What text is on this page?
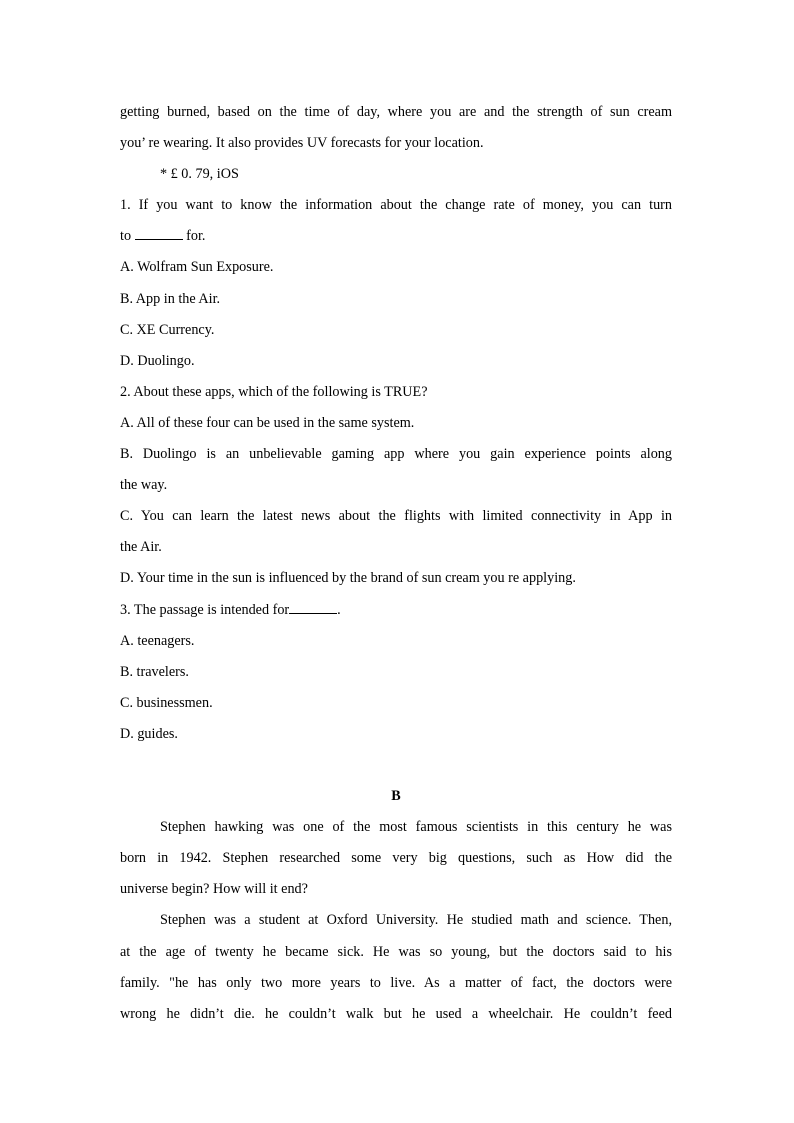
getting burned, based on the time of day, where you are and the strength of sun cream

you’ re wearing. It also provides UV forecasts for your location.

* £ 0. 79, iOS

1. If you want to know the information about the change rate of money, you can turn

to	for.

A. Wolfram Sun Exposure.

B. App in the Air.

C. XE Currency.

D. Duolingo.

2. About these apps, which of the following is TRUE?

A. All of these four can be used in the same system.

B. Duolingo is an unbelievable gaming app where you gain experience points along

the way.

C. You can learn the latest news about the flights with limited connectivity in App in

the Air.

D. Your time in the sun is influenced by the brand of sun cream you re applying.

3. The passage is intended for	.

A. teenagers.

B. travelers.

C. businessmen.

D. guides.

B

Stephen hawking was one of the most famous scientists in this century he was

born in 1942. Stephen researched some very big questions, such as How did the

universe begin? How will it end?

Stephen was a student at Oxford University. He studied math and science. Then,

at the age of twenty he became sick. He was so young, but the doctors said to his

family. "he has only two more years to live. As a matter of fact, the doctors were

wrong he didn’t die. he couldn’t walk but he used a wheelchair. He couldn’t feed
